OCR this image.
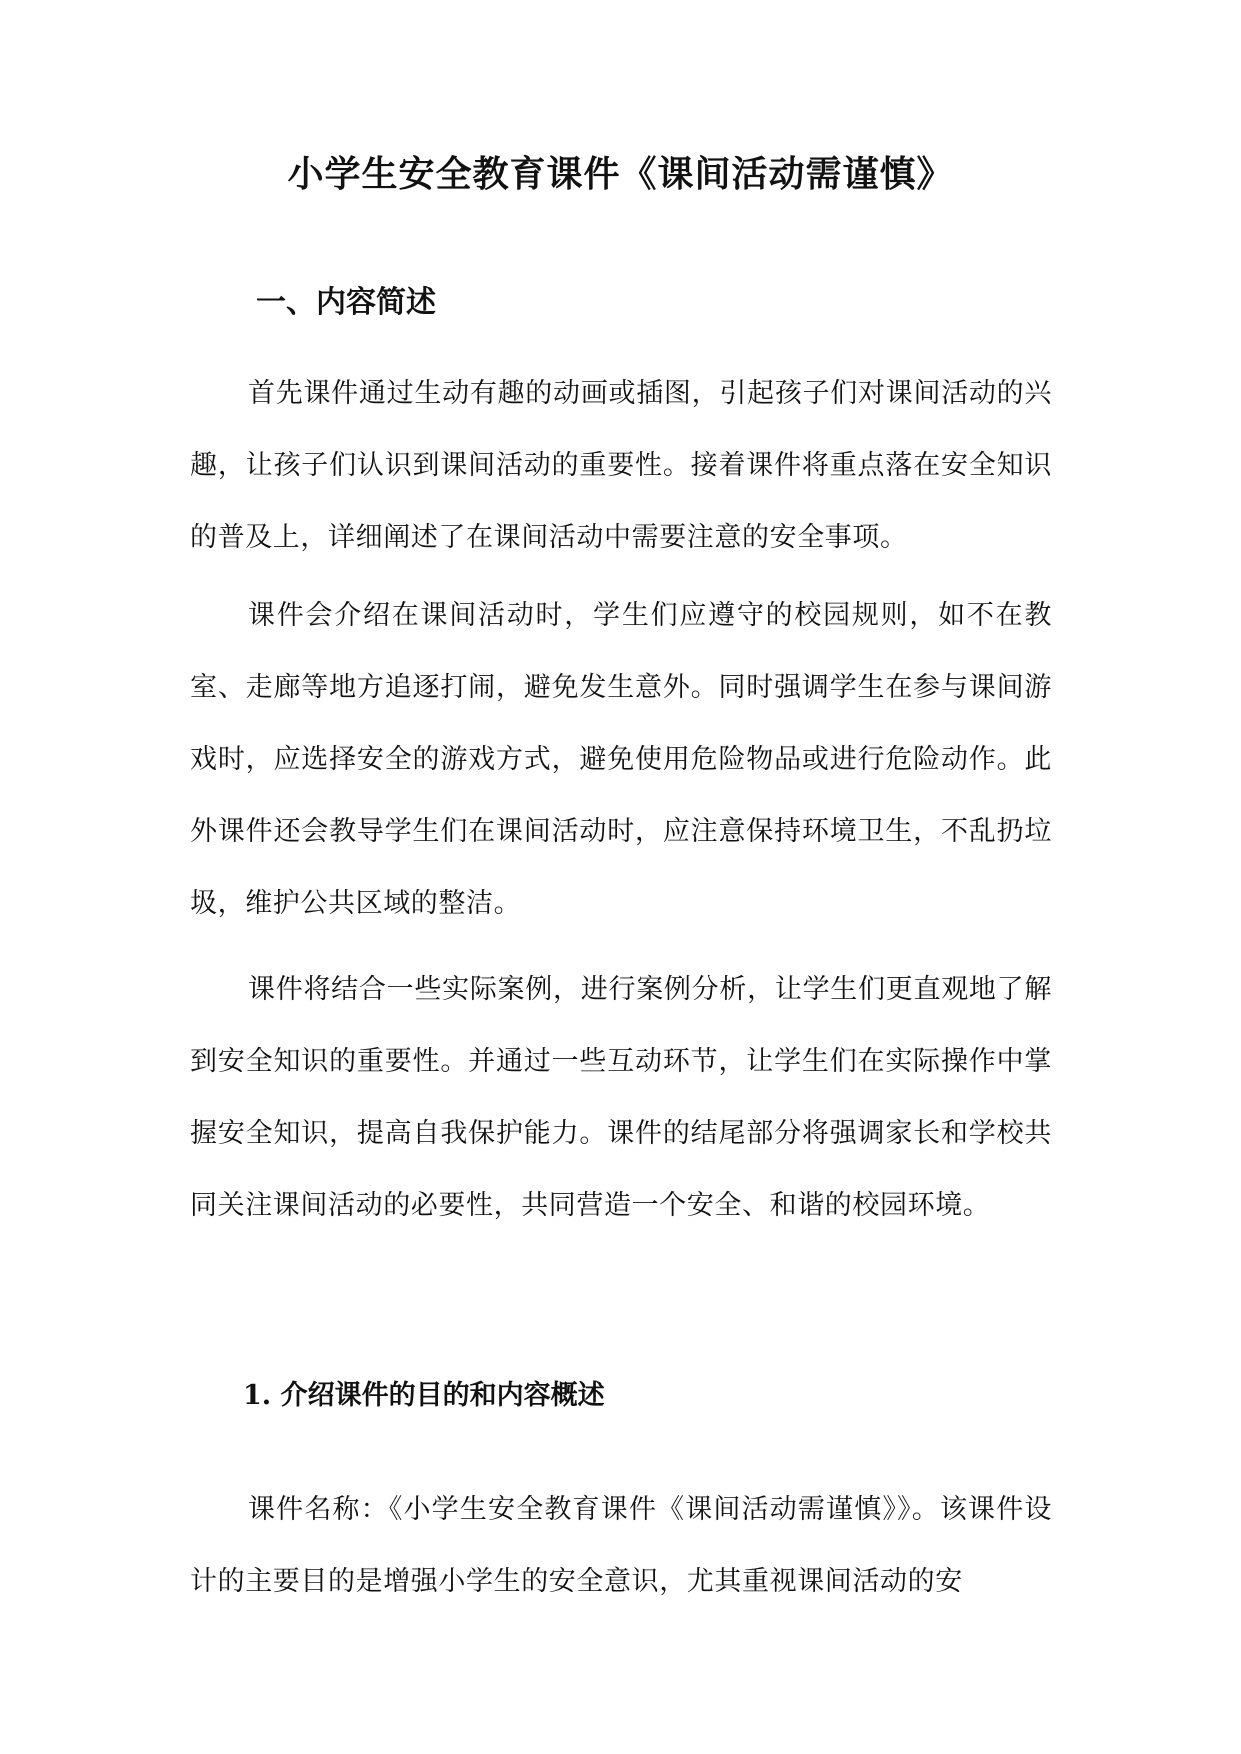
小学生安全教育课件《课间活动需谨慎》
一、内容简述

首先课件通过生动有趣的动画或插图，引起孩子们对课间活动的兴趣，让孩子们认识到课间活动的重要性。接着课件将重点落在安全知识的普及上，详细阐述了在课间活动中需要注意的安全事项。

课件会介绍在课间活动时，学生们应遵守的校园规则，如不在教室、走廊等地方追逐打闹，避免发生意外。同时强调学生在参与课间游戏时，应选择安全的游戏方式，避免使用危险物品或进行危险动作。此外课件还会教导学生们在课间活动时，应注意保持环境卫生，不乱扔垃圾，维护公共区域的整洁。

课件将结合一些实际案例，进行案例分析，让学生们更直观地了解到安全知识的重要性。并通过一些互动环节，让学生们在实际操作中掌握安全知识，提高自我保护能力。课件的结尾部分将强调家长和学校共同关注课间活动的必要性，共同营造一个安全、和谐的校园环境。

1. 介绍课件的目的和内容概述

课件名称：《小学生安全教育课件《课间活动需谨慎》》。该课件设计的主要目的是增强小学生的安全意识，尤其重视课间活动的安
